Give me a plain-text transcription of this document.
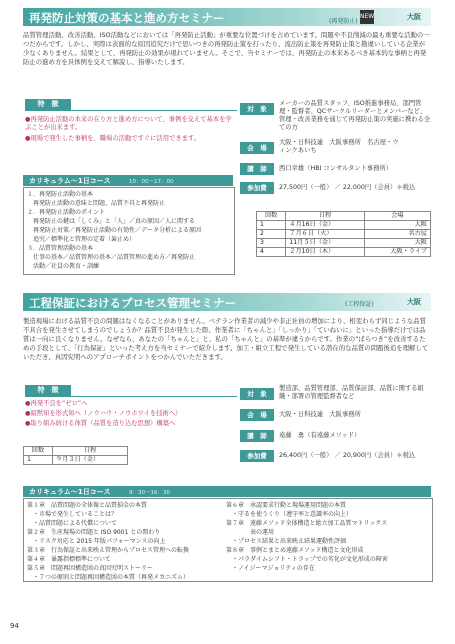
再発防止対策の基本と進め方セミナー	(再発防止)
NEW	大阪
品質管理活動、改善活動、ISO活動などにおいては「再発防止活動」が重要な位置づけを占めています。問題や不良削減の最も重要な活動の一つだからです。しかし、実際は表面的な原因追究だけで思いつきの再発防止策を打ったり、流出防止策を再発防止策と勘違いしている企業が少なくありません。結果として、再発防止の効果が現れていません。そこで、当セミナーでは、再発防止の本来あるべき基本的な事柄と再発防止の進め方を具体例を交えて解説し、指導いたします。
特　徴
●再発防止活動の本来の在り方と進め方について、事例を交えて基本を学ぶことが出来ます。
●現場で発生した事柄を、職場の活動ですぐに活用できます。
対　象
メーカーの品質スタッフ、ISO推進事務局、部門管理・監督者、QCサークルリーダーとメンバーなど、管理・改善業務を通じて再発防止策の実施に携わる全ての方
会　場
大阪・日科技連　大阪事務所　名古屋・ウィンクあいち
講　師	西口幸雄（HBI コンサルタント事務所）
参加費	27,500円（一般） ／ 22,000円（会員）＊税込
カリキュラム～1日コース	10：00～17：00
１．再発防止活動の基本
　再発防止活動の意味と問題、品質不具と再発防止
２．再発防止活動のポイント
　再発防止の鍵は「しくみ」と「人」／真の原因／人に関する
　再発防止対策／再発防止活動の有効性／データ分析による原因
　追究／標準化と管理の定着（歯止め）
３．品質管理活動の基本
　仕事の基本／品質管理の基本／品質管理の進め方／再発防止
　活動／社員の教育・訓練
回数	日程	会場
1	４月16日（金）	大阪
2	７月６日（火）	名古屋
3	11月５日（金）	大阪
4	２月10日（木）	大阪・ライブ
工程保証におけるプロセス管理セミナー	(工程保証)	大阪
製造現場における品質不良の問題はなくなることがありません。ベテラン作業者の減少や非正社員の増加により、相変わらず同じような品質不具合を発生させてしまうのでしょうか？品質不良が発生した際、作業者に「ちゃんと」「しっかり」「ていねいに」といった指導だけでは品質は一向に良くなりません。なぜなら、あなたの「ちゃんと」と、私の「ちゃんと」の基準が違うからです。作業の“ばらつき”を改善するための手段として、「行為保証」といった考え方を当セミナーで紹介します。加工・組立工程で発生している潜在的な品質の問題後追を理解していただき、真因究明へのアプローチポイントをつかんでいただきます。
特　徴
●再発不良を“ゼロ”へ
●暗黙知を形式知へ（ノウハウ・ノウホワイを技術へ）
●取り組み続ける体質（品質を造り込む思想）構築へ
対　象
製造部、品質管理部、品質保証部、品質に関する組織・部署の管理監督者など
会　場	大阪・日科技連　大阪事務所
講　師	遠藤　勇（有遠藤メソッド）
参加費	26,400円（一般） ／ 20,900円（会員）＊税込
回数	日程
1	９月３日（金）
カリキュラム～1日コース	9：30～16：30
第１章　品質問題の全体像と品質損金の本質
　・市場で発生していることは？
　・品質問題による代償について
第２章　生産現場の問題と ISO 9001 との関わり
　・リスク対応と 2015 年版パフォーマンスの向上
第３章　行為保証と出来映え管理からプロセス管理への転換
第４章　暴露指標標準について
第５章　問題再因構造図の真因究明ストーリー
　・７つの原則と問題再因構造図の本質（再発メカニズム）
第６章　承認要求行動と現場運用問題の本質
　・守るを使うくり（遵守率と意識率の向上）
第７章　遠藤メソッド全体構造と総立加工品質マトリックス
　　　　表の運用
　・プロセス結果と出来映え結果運動性評価
第８章　事例とまとめ遠藤メソッド構造と文化形成
　・パラダイムシフト・トラップでの劣化が文化形成の障害
　・ノイジーマジョリティの存在
94
